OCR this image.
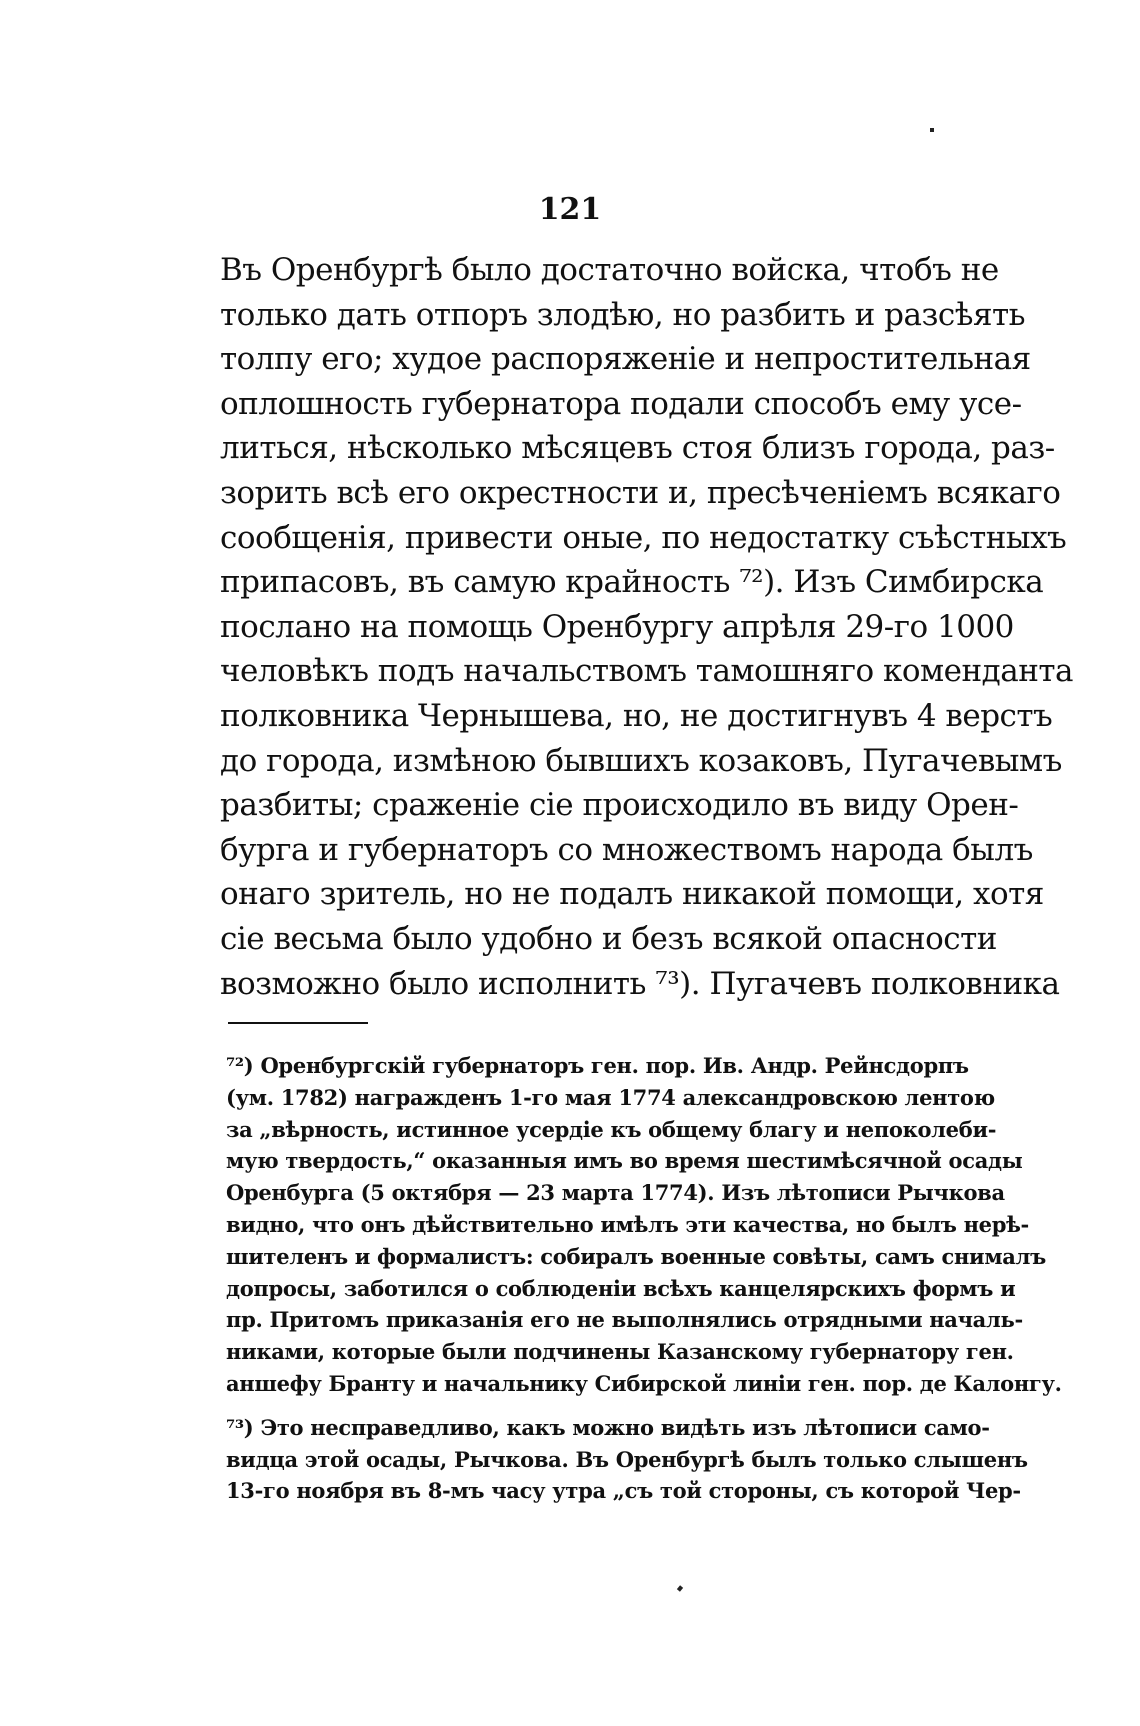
121
Въ Оренбургѣ было достаточно войска, чтобъ не
только дать отпоръ злодѣю, но разбить и разсѣять
толпу его; худое распоряженіе и непростительная
оплошность губернатора подали способъ ему усе-
литься, нѣсколько мѣсяцевъ стоя близъ города, раз-
зорить всѣ его окрестности и, пресѣченіемъ всякаго
сообщенія, привести оные, по недостатку съѣстныхъ
припасовъ, въ самую крайность ⁷²). Изъ Симбирска
послано на помощь Оренбургу апрѣля 29-го 1000
человѣкъ подъ начальствомъ тамошняго коменданта
полковника Чернышева, но, не достигнувъ 4 верстъ
до города, измѣною бывшихъ козаковъ, Пугачевымъ
разбиты; сраженіе сіе происходило въ виду Орен-
бурга и губернаторъ со множествомъ народа былъ
онаго зритель, но не подалъ никакой помощи, хотя
сіе весьма было удобно и безъ всякой опасности
возможно было исполнить ⁷³). Пугачевъ полковника
⁷²) Оренбургскій губернаторъ ген. пор. Ив. Андр. Рейнсдорпъ
(ум. 1782) награжденъ 1-го мая 1774 александровскою лентою
за „вѣрность, истинное усердіе къ общему благу и непоколеби-
мую твердость,“ оказанныя имъ во время шестимѣсячной осады
Оренбурга (5 октября — 23 марта 1774). Изъ лѣтописи Рычкова
видно, что онъ дѣйствительно имѣлъ эти качества, но былъ нерѣ-
шителенъ и формалистъ: собиралъ военные совѣты, самъ снималъ
допросы, заботился о соблюденіи всѣхъ канцелярскихъ формъ и
пр. Притомъ приказанія его не выполнялись отрядными началь-
никами, которые были подчинены Казанскому губернатору ген.
аншефу Бранту и начальнику Сибирской линіи ген. пор. де Калонгу.
⁷³) Это несправедливо, какъ можно видѣть изъ лѣтописи само-
видца этой осады, Рычкова. Въ Оренбургѣ былъ только слышенъ
13-го ноября въ 8-мъ часу утра „съ той стороны, съ которой Чер-
